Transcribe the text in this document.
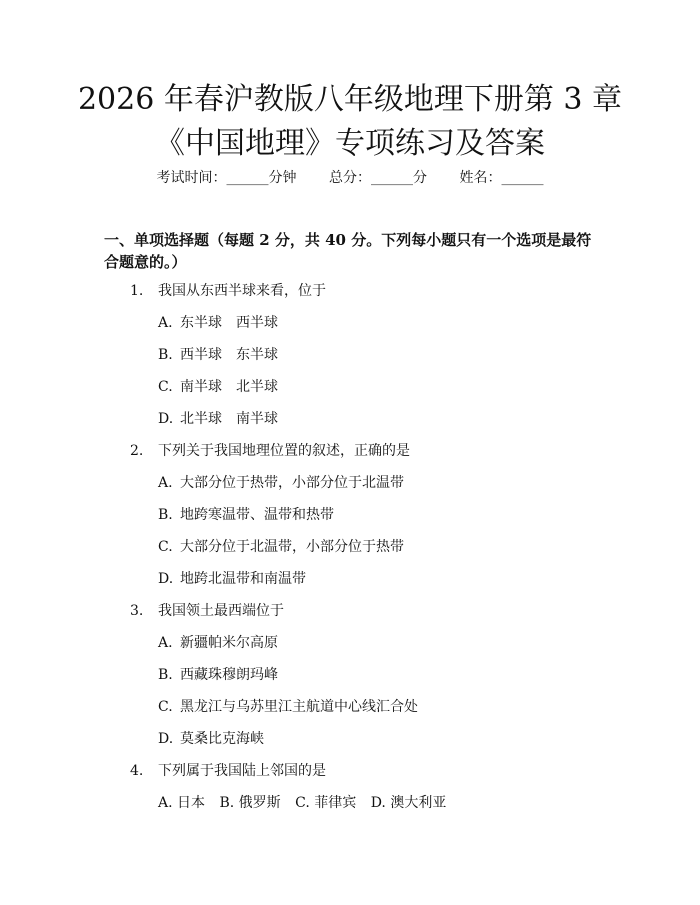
2026 年春沪教版八年级地理下册第 3 章《中国地理》专项练习及答案
考试时间：______分钟 总分：______分 姓名：______
一、单项选择题（每题 2 分，共 40 分。下列每小题只有一个选项是最符合题意的。）
1. 我国从东西半球来看，位于
A. 东半球　西半球
B. 西半球　东半球
C. 南半球　北半球
D. 北半球　南半球
2. 下列关于我国地理位置的叙述，正确的是
A. 大部分位于热带，小部分位于北温带
B. 地跨寒温带、温带和热带
C. 大部分位于北温带，小部分位于热带
D. 地跨北温带和南温带
3. 我国领土最西端位于
A. 新疆帕米尔高原
B. 西藏珠穆朗玛峰
C. 黑龙江与乌苏里江主航道中心线汇合处
D. 莫桑比克海峡
4. 下列属于我国陆上邻国的是
A. 日本 B. 俄罗斯 C. 菲律宾 D. 澳大利亚
